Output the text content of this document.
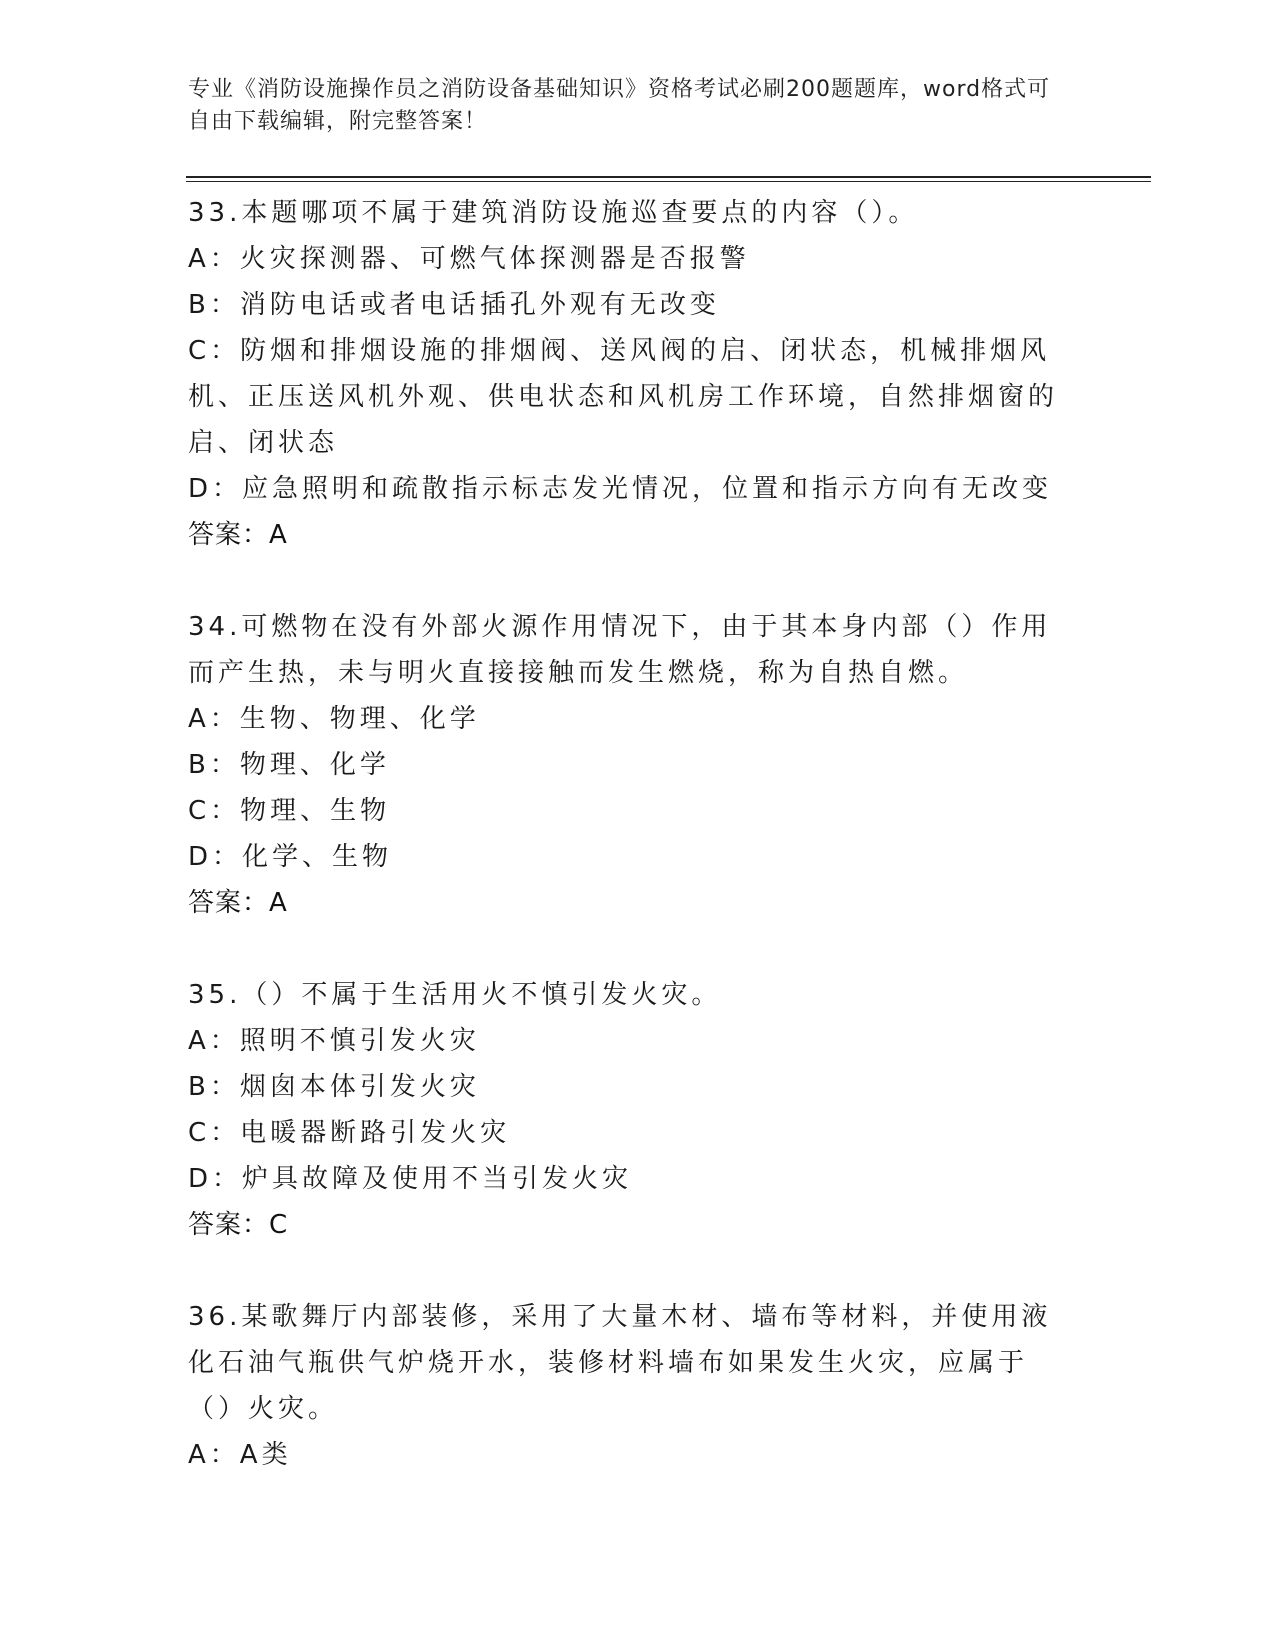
专业《消防设施操作员之消防设备基础知识》资格考试必刷200题题库，word格式可自由下载编辑，附完整答案！
33.本题哪项不属于建筑消防设施巡查要点的内容（）。
A：火灾探测器、可燃气体探测器是否报警
B：消防电话或者电话插孔外观有无改变
C：防烟和排烟设施的排烟阀、送风阀的启、闭状态，机械排烟风机、正压送风机外观、供电状态和风机房工作环境，自然排烟窗的启、闭状态
D：应急照明和疏散指示标志发光情况，位置和指示方向有无改变
答案：A
34.可燃物在没有外部火源作用情况下，由于其本身内部（）作用而产生热，未与明火直接接触而发生燃烧，称为自热自燃。
A：生物、物理、化学
B：物理、化学
C：物理、生物
D：化学、生物
答案：A
35.（）不属于生活用火不慎引发火灾。
A：照明不慎引发火灾
B：烟囱本体引发火灾
C：电暖器断路引发火灾
D：炉具故障及使用不当引发火灾
答案：C
36.某歌舞厅内部装修，采用了大量木材、墙布等材料，并使用液化石油气瓶供气炉烧开水，装修材料墙布如果发生火灾，应属于（）火灾。
A：A类
